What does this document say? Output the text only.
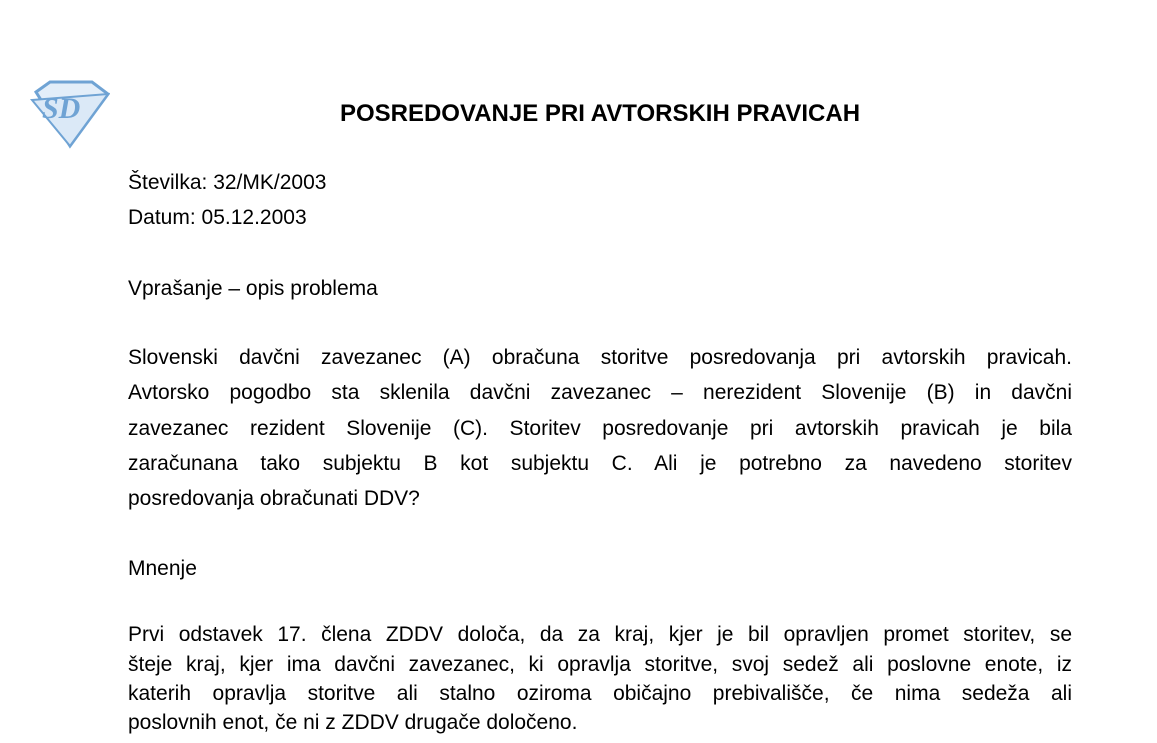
SD	POSREDOVANJE PRI AVTORSKIH PRAVICAH
Številka: 32/MK/2003
Datum: 05.12.2003
Vprašanje – opis problema
Slovenski davčni zavezanec (A) obračuna storitve posredovanja pri avtorskih pravicah.
Avtorsko pogodbo sta sklenila davčni zavezanec – nerezident Slovenije (B) in davčni
zavezanec rezident Slovenije (C). Storitev posredovanje pri avtorskih pravicah je bila
zaračunana tako subjektu B kot subjektu C. Ali je potrebno za navedeno storitev
posredovanja obračunati DDV?
Mnenje
Prvi odstavek 17. člena ZDDV določa, da za kraj, kjer je bil opravljen promet storitev, se
šteje kraj, kjer ima davčni zavezanec, ki opravlja storitve, svoj sedež ali poslovne enote, iz
katerih opravlja storitve ali stalno oziroma običajno prebivališče, če nima sedeža ali
poslovnih enot, če ni z ZDDV drugače določeno.
